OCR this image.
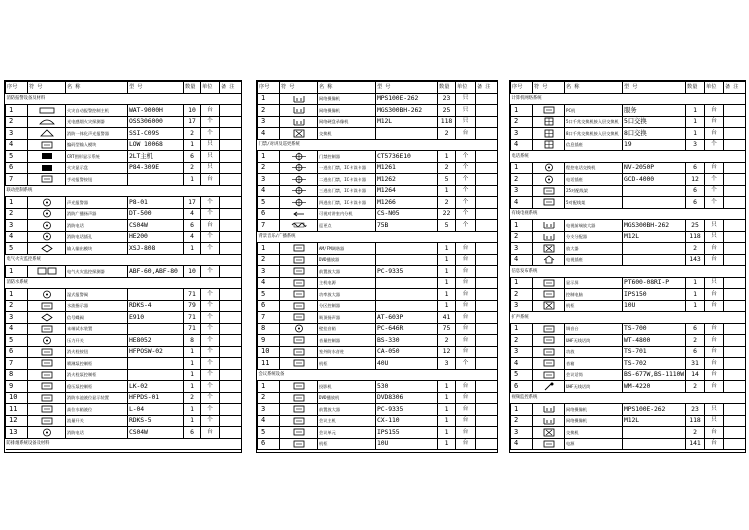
序号	符 号	名 称	型 号	数量	单位	备 注
消防报警设备及材料						
1		火灾自动报警控制主机	WAT-9000H	10	台	
2		光电感烟火灾探测器	OSS306000	17	个	
3		消防一体化声光报警器	SSI-C09S	2	个	
4		编码型输入模块	LOW 10068	1	只	
5		CRT图形显示系统	2LT主机	6	只	
6		火灾显示盘	P84-309E	2	只	
7		手动报警按钮		1	台	
联动控制系统						
1		声光报警器	P8-01	17	个	
2		消防广播扬声器	DT-500	4	个	
3		消防电话	CS04W	6	台	
4		消防电话插孔	HE200	4	个	
5		输入输出模块	XSJ-808	1	个	
电气火灾监控系统						
1		电气火灾监控探测器	ABF-60,ABF-80	10	个	
消防水系统						
1		湿式报警阀		71	个	
2		水流指示器	RDKS-4	79	个	
3		信号蝶阀	E910	71	个	
4		末端试水装置		71	个	
5		压力开关	HE8052	8	个	
6		消火栓按钮	HFPOSW-02	1	个	
7		喷淋泵控制柜		1	个	
8		消火栓泵控制柜		1	个	
9		稳压泵控制柜	LK-02	1	个	
10		消防水池液位显示装置	HFPDS-01	2	个	
11		高位水箱液位	L-04	1	个	
12		流量开关	RDKS-5	1	个	
13		消防电话	CS04W	6	台	
防排烟系统设备及材料						
序号	符 号	名 称	型 号	数量	单位	备 注
1		网络摄像机	MPS100E-262	23	只	
2		网络摄像机	MGS300BH-262	25	只	
3		网络硬盘录像机	M12L	118	只	
4		交换机		2	台	
门禁/对讲及巡更系统						
1		门禁控制器	CT5736E10	1	个	
2		一进出门禁，IC卡读卡器	M1261	2	个	
3		二进出门禁，IC卡读卡器	M1262	5	个	
4		三进出门禁，IC卡读卡器	M1264	1	个	
5		四进出门禁，IC卡读卡器	M1266	2	个	
6		可视对讲室内分机	CS-N05	22	个	
7		巡更点	75B	5	个	
背景音乐/广播系统						
1		AM/FM调谐器		1	台	
2		DVD播放器		1	台	
3		前置放大器	PC-9335	1	台	
4		主机电源		1	台	
5		功率放大器		1	台	
6		分区控制器		1	台	
7		吸顶扬声器	AT-603P	41	台	
8		壁挂音箱	PC-646R	75	台	
9		音量控制器	BS-330	2	台	
10		室外防水音柱	CA-050	12	台	
11		机柜	40U	3	个	
会议系统设备						
1		投影机	530	1	台	
2		DVD播放机	DVD8306	1	台	
3		前置放大器	PC-9335	1	台	
4		会议主机	CX-110	1	台	
5		会议单元	IPS155	1	台	
6		机柜	10U	1	台	
序号	符 号	名 称	型 号	数量	单位	备 注
计算机网络系统						
1		PC机	服务	1	台	
2		5口千兆交换机接入层交换机	5口交换	1	台	
3		8口千兆交换机接入层交换机	8口交换	1	台	
4		信息插座	19	3	个	
电话系统						
1		程控电话交换机	NV-2050P	6	台	
2		电话插座	GCD-4000	12	个	
3		25对配线架		6	个	
4		5对配线架		6	个	
有线电视系统						
1		电视前端放大器	MGS300BH-262	25	只	
2		分支分配器	M12L	118	只	
3		放大器		2	台	
4		电视插座		143	台	
信息发布系统						
1		显示屏	PT600-08RI-P	1	只	
2		控制电脑	IPS150	1	台	
3		机柜	10U	1	台	
扩声系统						
1		调音台	TS-700	6	台	
2		UHF无线话筒	WT-4800	2	台	
3		功放	TS-701	6	台	
4		音箱	TS-702	31	台	
5		会议话筒	BS-677W,BS-1110W	14	台	
6		UHF无线话筒	WM-4220	2	台	
视频监控系统						
1		网络摄像机	MPS100E-262	23	只	
2		网络摄像机	M12L	118	只	
3		交换机		2	台	
4		电源		141	台	
